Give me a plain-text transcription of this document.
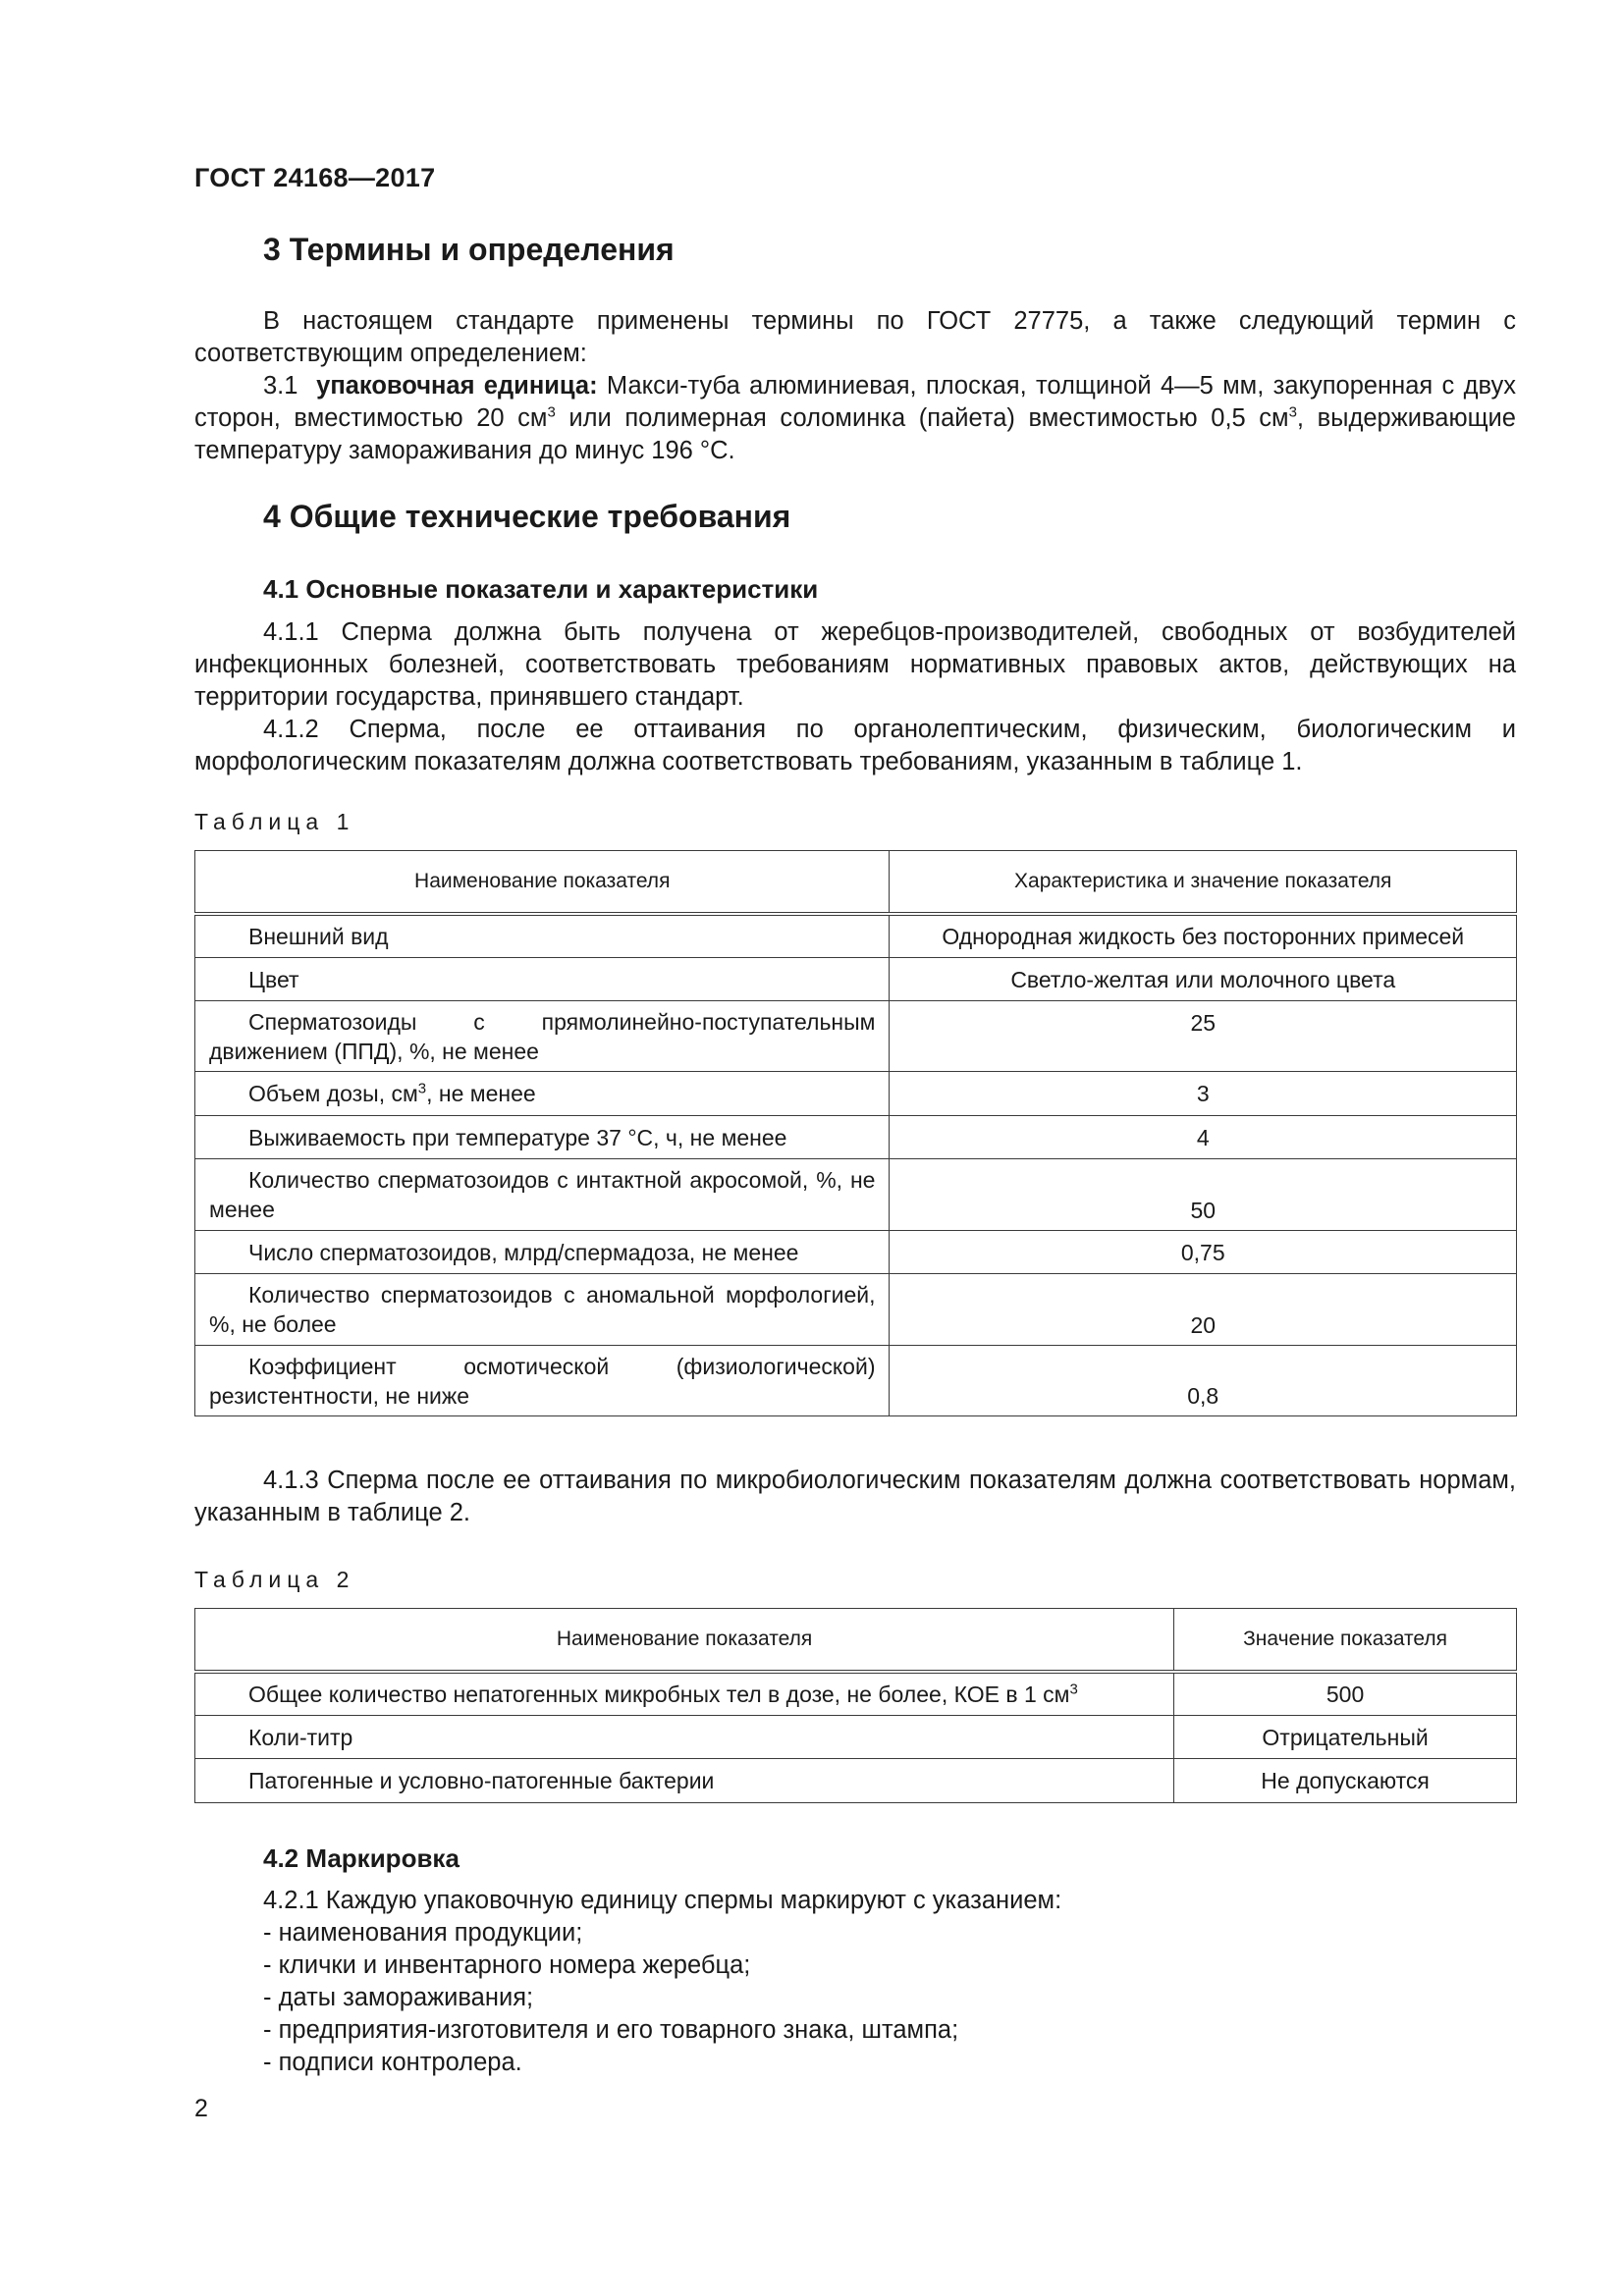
ГОСТ 24168—2017
3 Термины и определения

В настоящем стандарте применены термины по ГОСТ 27775, а также следующий термин с соответствующим определением:

3.1 упаковочная единица: Макси-туба алюминиевая, плоская, толщиной 4—5 мм, закупоренная с двух сторон, вместимостью 20 $см^3$ или полимерная соломинка (пайета) вместимостью 0,5 $см^3$, выдерживающие температуру замораживания до минус 196 °С.

4 Общие технические требования
4.1 Основные показатели и характеристики

4.1.1 Сперма должна быть получена от жеребцов-производителей, свободных от возбудителей инфекционных болезней, соответствовать требованиям нормативных правовых актов, действующих на территории государства, принявшего стандарт.

4.1.2 Сперма, после ее оттаивания по органолептическим, физическим, биологическим и морфологическим показателям должна соответствовать требованиям, указанным в таблице 1.

Таблица 1
Наименование показателя	Характеристика и значение показателя
Внешний вид	Однородная жидкость без посторонних примесей
Цвет	Светло-желтая или молочного цвета
Сперматозоиды с прямолинейно-поступательным движением (ППД), %, не менее	25
Объем дозы, $см^3$, не менее	3
Выживаемость при температуре 37 °С, ч, не менее	4
Количество сперматозоидов с интактной акросомой, %, не менее	50
Число сперматозоидов, млрд/спермадоза, не менее	0,75
Количество сперматозоидов с аномальной морфологией, %, не более	20
Коэффициент осмотической (физиологической) резистентности, не ниже	0,8

4.1.3 Сперма после ее оттаивания по микробиологическим показателям должна соответствовать нормам, указанным в таблице 2.

Таблица 2
Наименование показателя	Значение показателя
Общее количество непатогенных микробных тел в дозе, не более, КОЕ в 1 $см^3$	500
Коли-титр	Отрицательный
Патогенные и условно-патогенные бактерии	Не допускаются
4.2 Маркировка
4.2.1 Каждую упаковочную единицу спермы маркируют с указанием:
- наименования продукции;
- клички и инвентарного номера жеребца;
- даты замораживания;
- предприятия-изготовителя и его товарного знака, штампа;
- подписи контролера.
2
